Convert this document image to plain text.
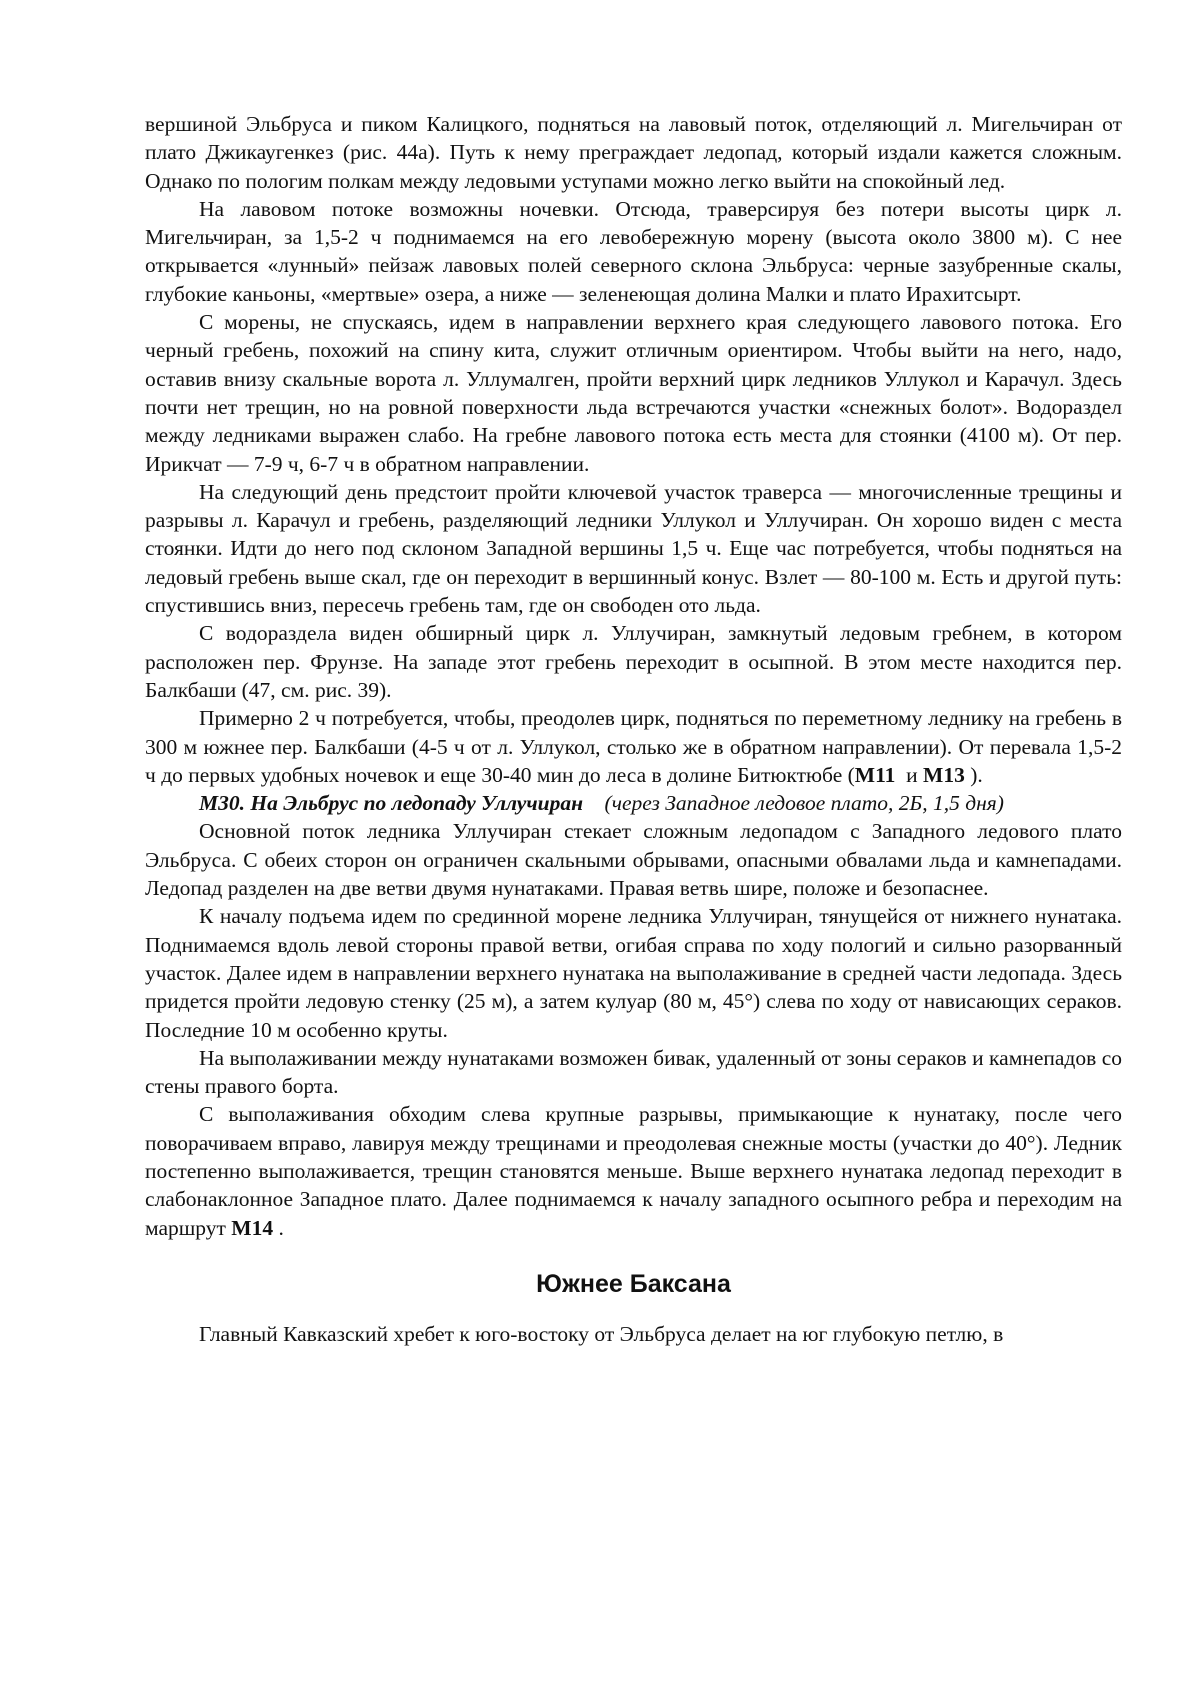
вершиной Эльбруса и пиком Калицкого, подняться на лавовый поток, отделяющий л. Мигельчиран от плато Джикаугенкез (рис. 44а). Путь к нему преграждает ледопад, который издали кажется сложным. Однако по пологим полкам между ледовыми уступами можно легко выйти на спокойный лед.

На лавовом потоке возможны ночевки. Отсюда, траверсируя без потери высоты цирк л. Мигельчиран, за 1,5-2 ч поднимаемся на его левобережную морену (высота около 3800 м). С нее открывается «лунный» пейзаж лавовых полей северного склона Эльбруса: черные зазубренные скалы, глубокие каньоны, «мертвые» озера, а ниже — зеленеющая долина Малки и плато Ирахитсырт.

С морены, не спускаясь, идем в направлении верхнего края следующего лавового потока. Его черный гребень, похожий на спину кита, служит отличным ориентиром. Чтобы выйти на него, надо, оставив внизу скальные ворота л. Уллумалген, пройти верхний цирк ледников Уллукол и Карачул. Здесь почти нет трещин, но на ровной поверхности льда встречаются участки «снежных болот». Водораздел между ледниками выражен слабо. На гребне лавового потока есть места для стоянки (4100 м). От пер. Ирикчат — 7-9 ч, 6-7 ч в обратном направлении.

На следующий день предстоит пройти ключевой участок траверса — многочисленные трещины и разрывы л. Карачул и гребень, разделяющий ледники Уллукол и Уллучиран. Он хорошо виден с места стоянки. Идти до него под склоном Западной вершины 1,5 ч. Еще час потребуется, чтобы подняться на ледовый гребень выше скал, где он переходит в вершинный конус. Взлет — 80-100 м. Есть и другой путь: спустившись вниз, пересечь гребень там, где он свободен ото льда.

С водораздела виден обширный цирк л. Уллучиран, замкнутый ледовым гребнем, в котором расположен пер. Фрунзе. На западе этот гребень переходит в осыпной. В этом месте находится пер. Балкбаши (47, см. рис. 39).

Примерно 2 ч потребуется, чтобы, преодолев цирк, подняться по переметному леднику на гребень в 300 м южнее пер. Балкбаши (4-5 ч от л. Уллукол, столько же в обратном направлении). От перевала 1,5-2 ч до первых удобных ночевок и еще 30-40 мин до леса в долине Битюктюбе (М11  и М13 ).

М30. На Эльбрус по ледопаду Уллучиран (через Западное ледовое плато, 2Б, 1,5 дня)

Основной поток ледника Уллучиран стекает сложным ледопадом с Западного ледового плато Эльбруса. С обеих сторон он ограничен скальными обрывами, опасными обвалами льда и камнепадами. Ледопад разделен на две ветви двумя нунатаками. Правая ветвь шире, положе и безопаснее.

К началу подъема идем по срединной морене ледника Уллучиран, тянущейся от нижнего нунатака. Поднимаемся вдоль левой стороны правой ветви, огибая справа по ходу пологий и сильно разорванный участок. Далее идем в направлении верхнего нунатака на выполаживание в средней части ледопада. Здесь придется пройти ледовую стенку (25 м), а затем кулуар (80 м, 45°) слева по ходу от нависающих сераков. Последние 10 м особенно круты.

На выполаживании между нунатаками возможен бивак, удаленный от зоны сераков и камнепадов со стены правого борта.

С выполаживания обходим слева крупные разрывы, примыкающие к нунатаку, после чего поворачиваем вправо, лавируя между трещинами и преодолевая снежные мосты (участки до 40°). Ледник постепенно выполаживается, трещин становятся меньше. Выше верхнего нунатака ледопад переходит в слабонаклонное Западное плато. Далее поднимаемся к началу западного осыпного ребра и переходим на маршрут М14 .

Южнее Баксана

Главный Кавказский хребет к юго-востоку от Эльбруса делает на юг глубокую петлю, в
